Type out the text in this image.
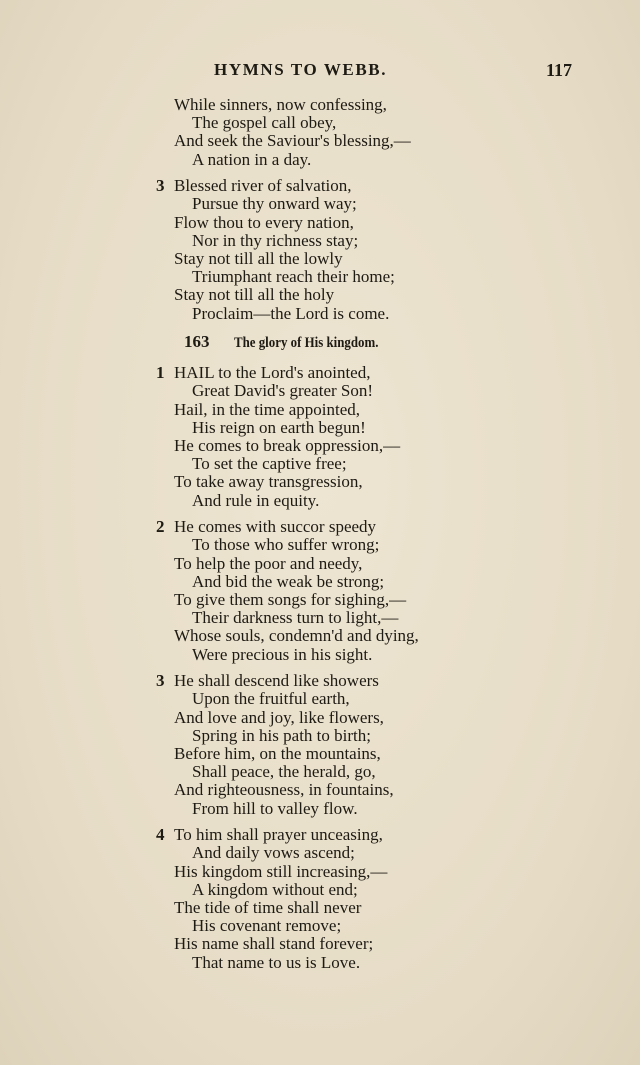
HYMNS TO WEBB.	117
While sinners, now confessing,
The gospel call obey,
And seek the Saviour's blessing,—
A nation in a day.
3 Blessed river of salvation,
Pursue thy onward way;
Flow thou to every nation,
Nor in thy richness stay;
Stay not till all the lowly
Triumphant reach their home;
Stay not till all the holy
Proclaim—the Lord is come.
163 The glory of His kingdom.
1 HAIL to the Lord's anointed,
Great David's greater Son!
Hail, in the time appointed,
His reign on earth begun!
He comes to break oppression,—
To set the captive free;
To take away transgression,
And rule in equity.
2 He comes with succor speedy
To those who suffer wrong;
To help the poor and needy,
And bid the weak be strong;
To give them songs for sighing,—
Their darkness turn to light,—
Whose souls, condemn'd and dying,
Were precious in his sight.
3 He shall descend like showers
Upon the fruitful earth,
And love and joy, like flowers,
Spring in his path to birth;
Before him, on the mountains,
Shall peace, the herald, go,
And righteousness, in fountains,
From hill to valley flow.
4 To him shall prayer unceasing,
And daily vows ascend;
His kingdom still increasing,—
A kingdom without end;
The tide of time shall never
His covenant remove;
His name shall stand forever;
That name to us is Love.
